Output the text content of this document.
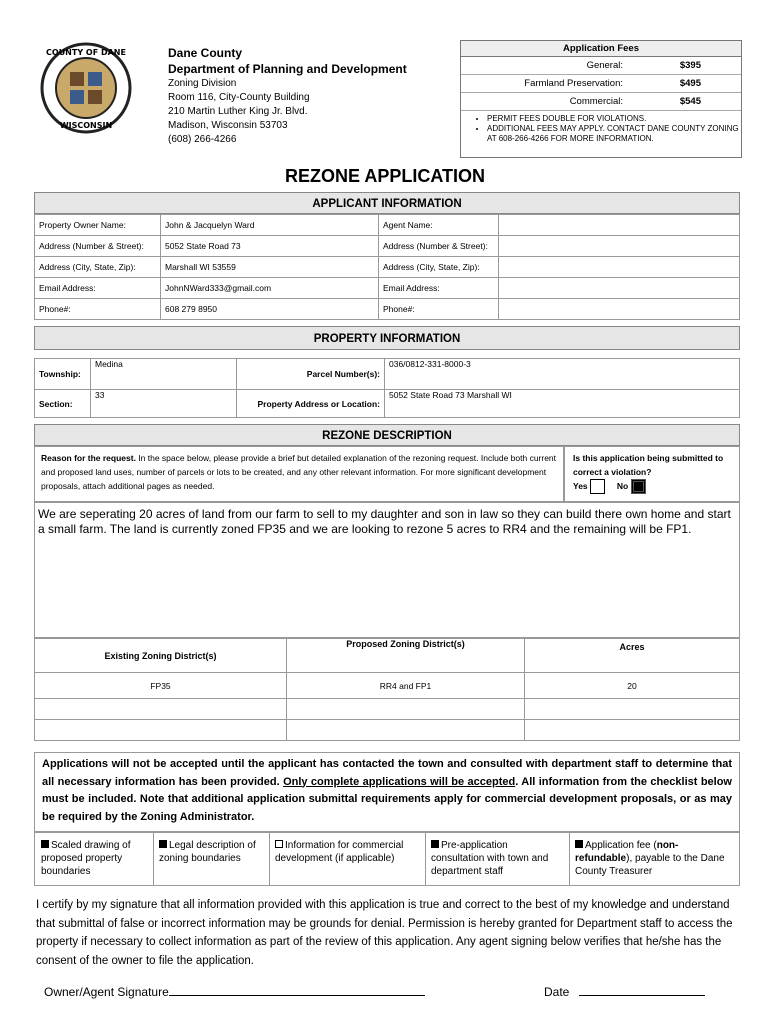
COUNTY OF DANE
WISCONSIN
Dane County
Department of Planning and Development
Zoning Division
Room 116, City-County Building
210 Martin Luther King Jr. Blvd.
Madison, Wisconsin 53703
(608) 266-4266
Application Fees
General:	$395
Farmland Preservation:	$495
Commercial:	$545
• PERMIT FEES DOUBLE FOR VIOLATIONS.
• ADDITIONAL FEES MAY APPLY. CONTACT DANE COUNTY ZONING AT 608-266-4266 FOR MORE INFORMATION.
REZONE APPLICATION
APPLICANT INFORMATION
Property Owner Name:	John & Jacquelyn Ward	Agent Name:	
Address (Number & Street):	5052 State Road 73	Address (Number & Street):	
Address (City, State, Zip):	Marshall WI 53559	Address (City, State, Zip):	
Email Address:	JohnNWard333@gmail.com	Email Address:	
Phone#:	608 279 8950	Phone#:	
PROPERTY INFORMATION
Township:	Medina	Parcel Number(s):	036/0812-331-8000-3
Section:	33	Property Address or Location:	5052 State Road 73 Marshall WI
REZONE DESCRIPTION
Reason for the request. In the space below, please provide a brief but detailed explanation of the rezoning request. Include both current and proposed land uses, number of parcels or lots to be created, and any other relevant information. For more significant development proposals, attach additional pages as needed.
Is this application being submitted to correct a violation?
Yes	No
We are seperating 20 acres of land from our farm to sell to my daughter and son in law so they can build there own home and start a small farm. The land is currently zoned FP35 and we are looking to rezone 5 acres to RR4 and the remaining will be FP1.
Existing Zoning District(s)	Proposed Zoning District(s)	Acres
FP35	RR4 and FP1	20

Applications will not be accepted until the applicant has contacted the town and consulted with department staff to determine that all necessary information has been provided. Only complete applications will be accepted. All information from the checklist below must be included. Note that additional application submittal requirements apply for commercial development proposals, or as may be required by the Zoning Administrator.
Scaled drawing of proposed property boundaries
Legal description of zoning boundaries
Information for commercial development (if applicable)
Pre-application consultation with town and department staff
Application fee (non-refundable), payable to the Dane County Treasurer
I certify by my signature that all information provided with this application is true and correct to the best of my knowledge and understand that submittal of false or incorrect information may be grounds for denial. Permission is hereby granted for Department staff to access the property if necessary to collect information as part of the review of this application. Any agent signing below verifies that he/she has the consent of the owner to file the application.
Owner/Agent Signature	Date
